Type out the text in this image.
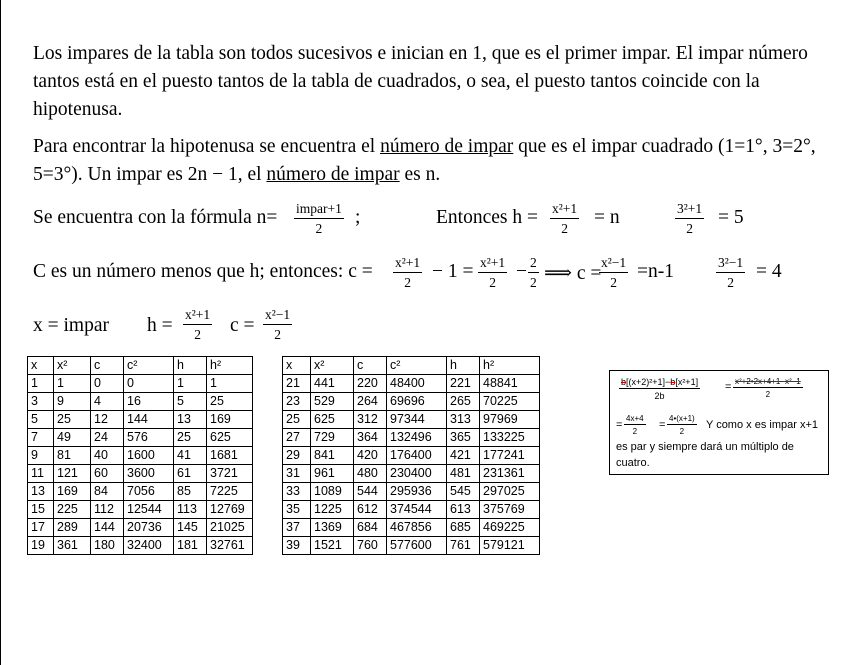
Los impares de la tabla son todos sucesivos e inician en 1, que es el primer impar. El impar número tantos está en el puesto tantos de la tabla de cuadrados, o sea, el puesto tantos coincide con la hipotenusa.

Para encontrar la hipotenusa se encuentra el número de impar que es el impar cuadrado (1=1°, 3=2°, 5=3°). Un impar es 2n − 1, el número de impar es n.

Se encuentra con la fórmula n= impar+1
2
;	Entonces $h = \frac{\text{x²+1}}{2} = n$	$\frac{\text{3²+1}}{2} = 5$
C es un número menos que h; entonces: $c = \frac{\text{x²+1}}{2} - 1 = \frac{\text{x²+1}}{2} - \frac{2}{2}$ ⟹ c =
$\frac{\text{x²−1}}{2} =n-1$	$\frac{\text{3²−1}}{2} = 4$
x = impar $h = \frac{\text{x²+1}}{2}$ $c = \frac{\text{x²−1}}{2}$
x	x²	c	c²	h	h²
1	1	0	0	1	1
3	9	4	16	5	25
5	25	12	144	13	169
7	49	24	576	25	625
9	81	40	1600	41	1681
11	121	60	3600	61	3721
13	169	84	7056	85	7225
15	225	112	12544	113	12769
17	289	144	20736	145	21025
19	361	180	32400	181	32761
x	x²	c	c²	h	h²
21	441	220	48400	221	48841
23	529	264	69696	265	70225
25	625	312	97344	313	97969
27	729	364	132496	365	133225
29	841	420	176400	421	177241
31	961	480	230400	481	231361
33	1089	544	295936	545	297025
35	1225	612	374544	613	375769
37	1369	684	467856	685	469225
39	1521	760	577600	761	579121
$\frac{\text{b[(x+2)²+1]−b[x²+1]}}{2b} = \frac{\text{x²+2•2x+4+1−x²−1}}{2}$
= $\frac{4x+4}{2} = \frac{4•(x+1)}{2}$ Y como x es impar x+1
es par y siempre dará un múltiplo de
cuatro.
